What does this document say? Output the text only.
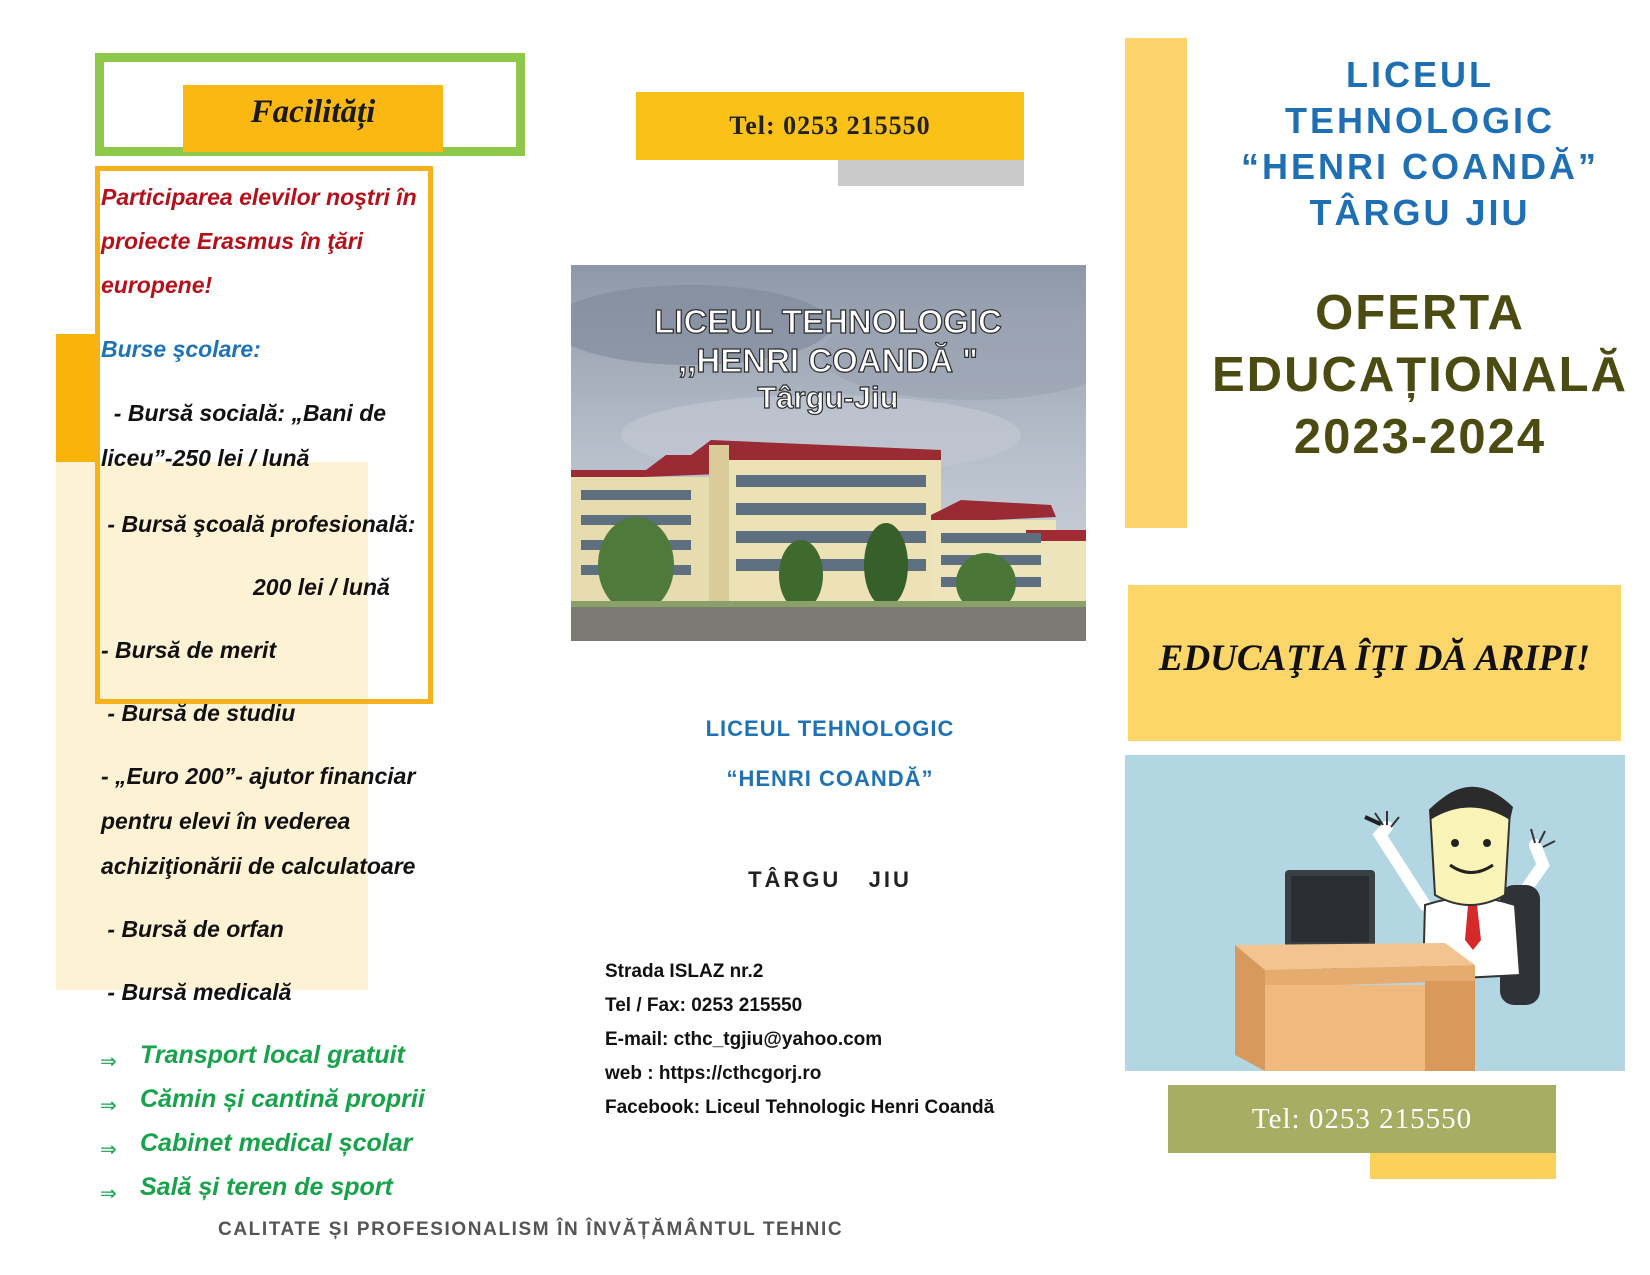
Facilități
Participarea elevilor noştri în
proiecte Erasmus în ţări
europene!
Burse şcolare:
- Bursă socială: „Bani de
liceu”-250 lei / lună
- Bursă şcoală profesională:
200 lei / lună
- Bursă de merit
- Bursă de studiu
- „Euro 200”- ajutor financiar
pentru elevi în vederea
achiziţionării de calculatoare
- Bursă de orfan
- Bursă medicală
⇒ Transport local gratuit
⇒ Cămin și cantină proprii
⇒ Cabinet medical școlar
⇒ Sală și teren de sport
CALITATE ȘI PROFESIONALISM ÎN ÎNVĂȚĂMÂNTUL TEHNIC
Tel: 0253 215550
LICEUL TEHNOLOGIC
,,HENRI COANDĂ "
Târgu-Jiu
LICEUL TEHNOLOGIC
“HENRI COANDĂ”
TÂRGU   JIU
Strada ISLAZ nr.2
Tel / Fax: 0253 215550
E-mail: cthc_tgjiu@yahoo.com
web : https://cthcgorj.ro
Facebook: Liceul Tehnologic Henri Coandă
LICEUL
TEHNOLOGIC
“HENRI COANDĂ”
TÂRGU JIU
OFERTA
EDUCAȚIONALĂ
2023-2024
EDUCAŢIA ÎŢI DĂ ARIPI!
Tel: 0253 215550
